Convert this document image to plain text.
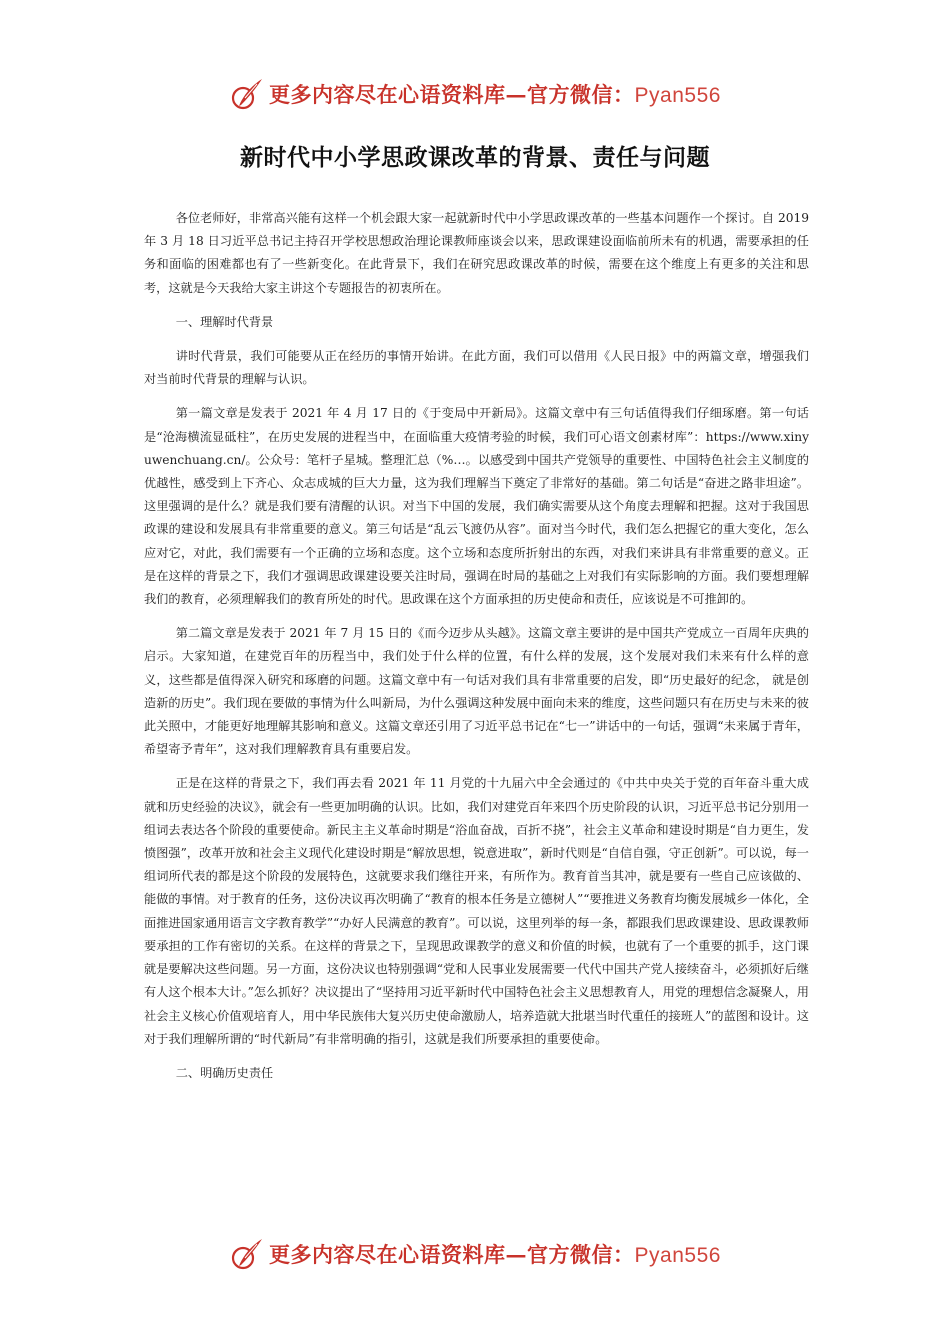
更多内容尽在心语资料库—官方微信：Pyan556
新时代中小学思政课改革的背景、责任与问题

各位老师好，非常高兴能有这样一个机会跟大家一起就新时代中小学思政课改革的一些基本问题作一个探讨。自 2019 年 3 月 18 日习近平总书记主持召开学校思想政治理论课教师座谈会以来，思政课建设面临前所未有的机遇，需要承担的任务和面临的困难都也有了一些新变化。在此背景下，我们在研究思政课改革的时候，需要在这个维度上有更多的关注和思考，这就是今天我给大家主讲这个专题报告的初衷所在。

一、理解时代背景

讲时代背景，我们可能要从正在经历的事情开始讲。在此方面，我们可以借用《人民日报》中的两篇文章，增强我们对当前时代背景的理解与认识。

第一篇文章是发表于 2021 年 4 月 17 日的《于变局中开新局》。这篇文章中有三句话值得我们仔细琢磨。第一句话是“沧海横流显砥柱”，在历史发展的进程当中，在面临重大疫情考验的时候，我们可心语文创素材库”：https://www.xinyuwenchuang.cn/。公众号：笔杆子星城。整理汇总（%…。以感受到中国共产党领导的重要性、中国特色社会主义制度的优越性，感受到上下齐心、众志成城的巨大力量，这为我们理解当下奠定了非常好的基础。第二句话是“奋进之路非坦途”。这里强调的是什么？就是我们要有清醒的认识。对当下中国的发展，我们确实需要从这个角度去理解和把握。这对于我国思政课的建设和发展具有非常重要的意义。第三句话是“乱云飞渡仍从容”。面对当今时代，我们怎么把握它的重大变化，怎么应对它，对此，我们需要有一个正确的立场和态度。这个立场和态度所折射出的东西，对我们来讲具有非常重要的意义。正是在这样的背景之下，我们才强调思政课建设要关注时局，强调在时局的基础之上对我们有实际影响的方面。我们要想理解我们的教育，必须理解我们的教育所处的时代。思政课在这个方面承担的历史使命和责任，应该说是不可推卸的。

第二篇文章是发表于 2021 年 7 月 15 日的《而今迈步从头越》。这篇文章主要讲的是中国共产党成立一百周年庆典的启示。大家知道，在建党百年的历程当中，我们处于什么样的位置，有什么样的发展，这个发展对我们未来有什么样的意义，这些都是值得深入研究和琢磨的问题。这篇文章中有一句话对我们具有非常重要的启发，即“历史最好的纪念， 就是创造新的历史”。我们现在要做的事情为什么叫新局，为什么强调这种发展中面向未来的维度，这些问题只有在历史与未来的彼此关照中，才能更好地理解其影响和意义。这篇文章还引用了习近平总书记在“七一”讲话中的一句话，强调“未来属于青年，希望寄予青年”，这对我们理解教育具有重要启发。

正是在这样的背景之下，我们再去看 2021 年 11 月党的十九届六中全会通过的《中共中央关于党的百年奋斗重大成就和历史经验的决议》，就会有一些更加明确的认识。比如，我们对建党百年来四个历史阶段的认识，习近平总书记分别用一组词去表达各个阶段的重要使命。新民主主义革命时期是“浴血奋战，百折不挠”，社会主义革命和建设时期是“自力更生，发愤图强”，改革开放和社会主义现代化建设时期是“解放思想，锐意进取”，新时代则是“自信自强，守正创新”。可以说，每一组词所代表的都是这个阶段的发展特色，这就要求我们继往开来，有所作为。教育首当其冲，就是要有一些自己应该做的、能做的事情。对于教育的任务，这份决议再次明确了“教育的根本任务是立德树人”“要推进义务教育均衡发展城乡一体化，全面推进国家通用语言文字教育教学”“办好人民满意的教育”。可以说，这里列举的每一条，都跟我们思政课建设、思政课教师要承担的工作有密切的关系。在这样的背景之下，呈现思政课教学的意义和价值的时候，也就有了一个重要的抓手，这门课就是要解决这些问题。另一方面，这份决议也特别强调“党和人民事业发展需要一代代中国共产党人接续奋斗，必须抓好后继有人这个根本大计。”怎么抓好？决议提出了“坚持用习近平新时代中国特色社会主义思想教育人，用党的理想信念凝聚人，用社会主义核心价值观培育人，用中华民族伟大复兴历史使命激励人，培养造就大批堪当时代重任的接班人”的蓝图和设计。这对于我们理解所谓的“时代新局”有非常明确的指引，这就是我们所要承担的重要使命。

二、明确历史责任

更多内容尽在心语资料库—官方微信：Pyan556
